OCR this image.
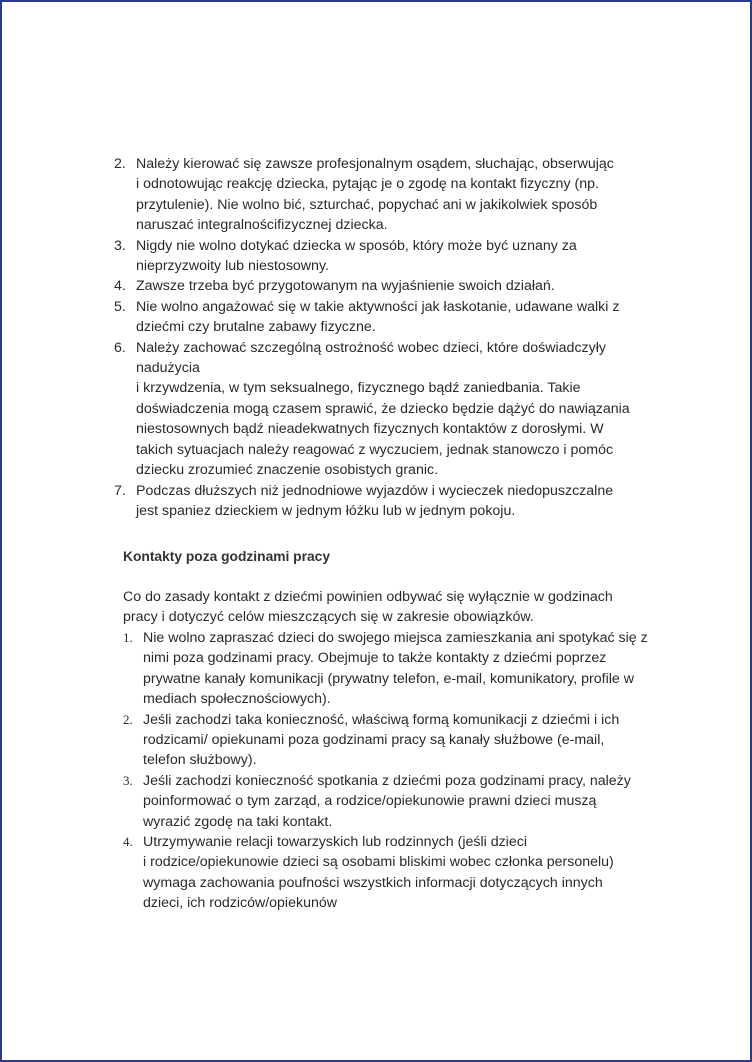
2. Należy kierować się zawsze profesjonalnym osądem, słuchając, obserwując
i odnotowując reakcję dziecka, pytając je o zgodę na kontakt fizyczny (np.
przytulenie). Nie wolno bić, szturchać, popychać ani w jakikolwiek sposób
naruszać integralnościfizycznej dziecka.
3. Nigdy nie wolno dotykać dziecka w sposób, który może być uznany za
nieprzyzwoity lub niestosowny.
4. Zawsze trzeba być przygotowanym na wyjaśnienie swoich działań.
5. Nie wolno angażować się w takie aktywności jak łaskotanie, udawane walki z
dziećmi czy brutalne zabawy fizyczne.
6. Należy zachować szczególną ostrożność wobec dzieci, które doświadczyły
nadużycia
i krzywdzenia, w tym seksualnego, fizycznego bądź zaniedbania. Takie
doświadczenia mogą czasem sprawić, że dziecko będzie dążyć do nawiązania
niestosownych bądź nieadekwatnych fizycznych kontaktów z dorosłymi. W
takich sytuacjach należy reagować z wyczuciem, jednak stanowczo i pomóc
dziecku zrozumieć znaczenie osobistych granic.
7. Podczas dłuższych niż jednodniowe wyjazdów i wycieczek niedopuszczalne
jest spaniez dzieckiem w jednym łóżku lub w jednym pokoju.
Kontakty poza godzinami pracy
Co do zasady kontakt z dziećmi powinien odbywać się wyłącznie w godzinach
pracy i dotyczyć celów mieszczących się w zakresie obowiązków.
1. Nie wolno zapraszać dzieci do swojego miejsca zamieszkania ani spotykać się z
nimi poza godzinami pracy. Obejmuje to także kontakty z dziećmi poprzez
prywatne kanały komunikacji (prywatny telefon, e-mail, komunikatory, profile w
mediach społecznościowych).
2. Jeśli zachodzi taka konieczność, właściwą formą komunikacji z dziećmi i ich
rodzicami/ opiekunami poza godzinami pracy są kanały służbowe (e-mail,
telefon służbowy).
3. Jeśli zachodzi konieczność spotkania z dziećmi poza godzinami pracy, należy
poinformować o tym zarząd, a rodzice/opiekunowie prawni dzieci muszą
wyrazić zgodę na taki kontakt.
4. Utrzymywanie relacji towarzyskich lub rodzinnych (jeśli dzieci
i rodzice/opiekunowie dzieci są osobami bliskimi wobec członka personelu)
wymaga zachowania poufności wszystkich informacji dotyczących innych
dzieci, ich rodziców/opiekunów
